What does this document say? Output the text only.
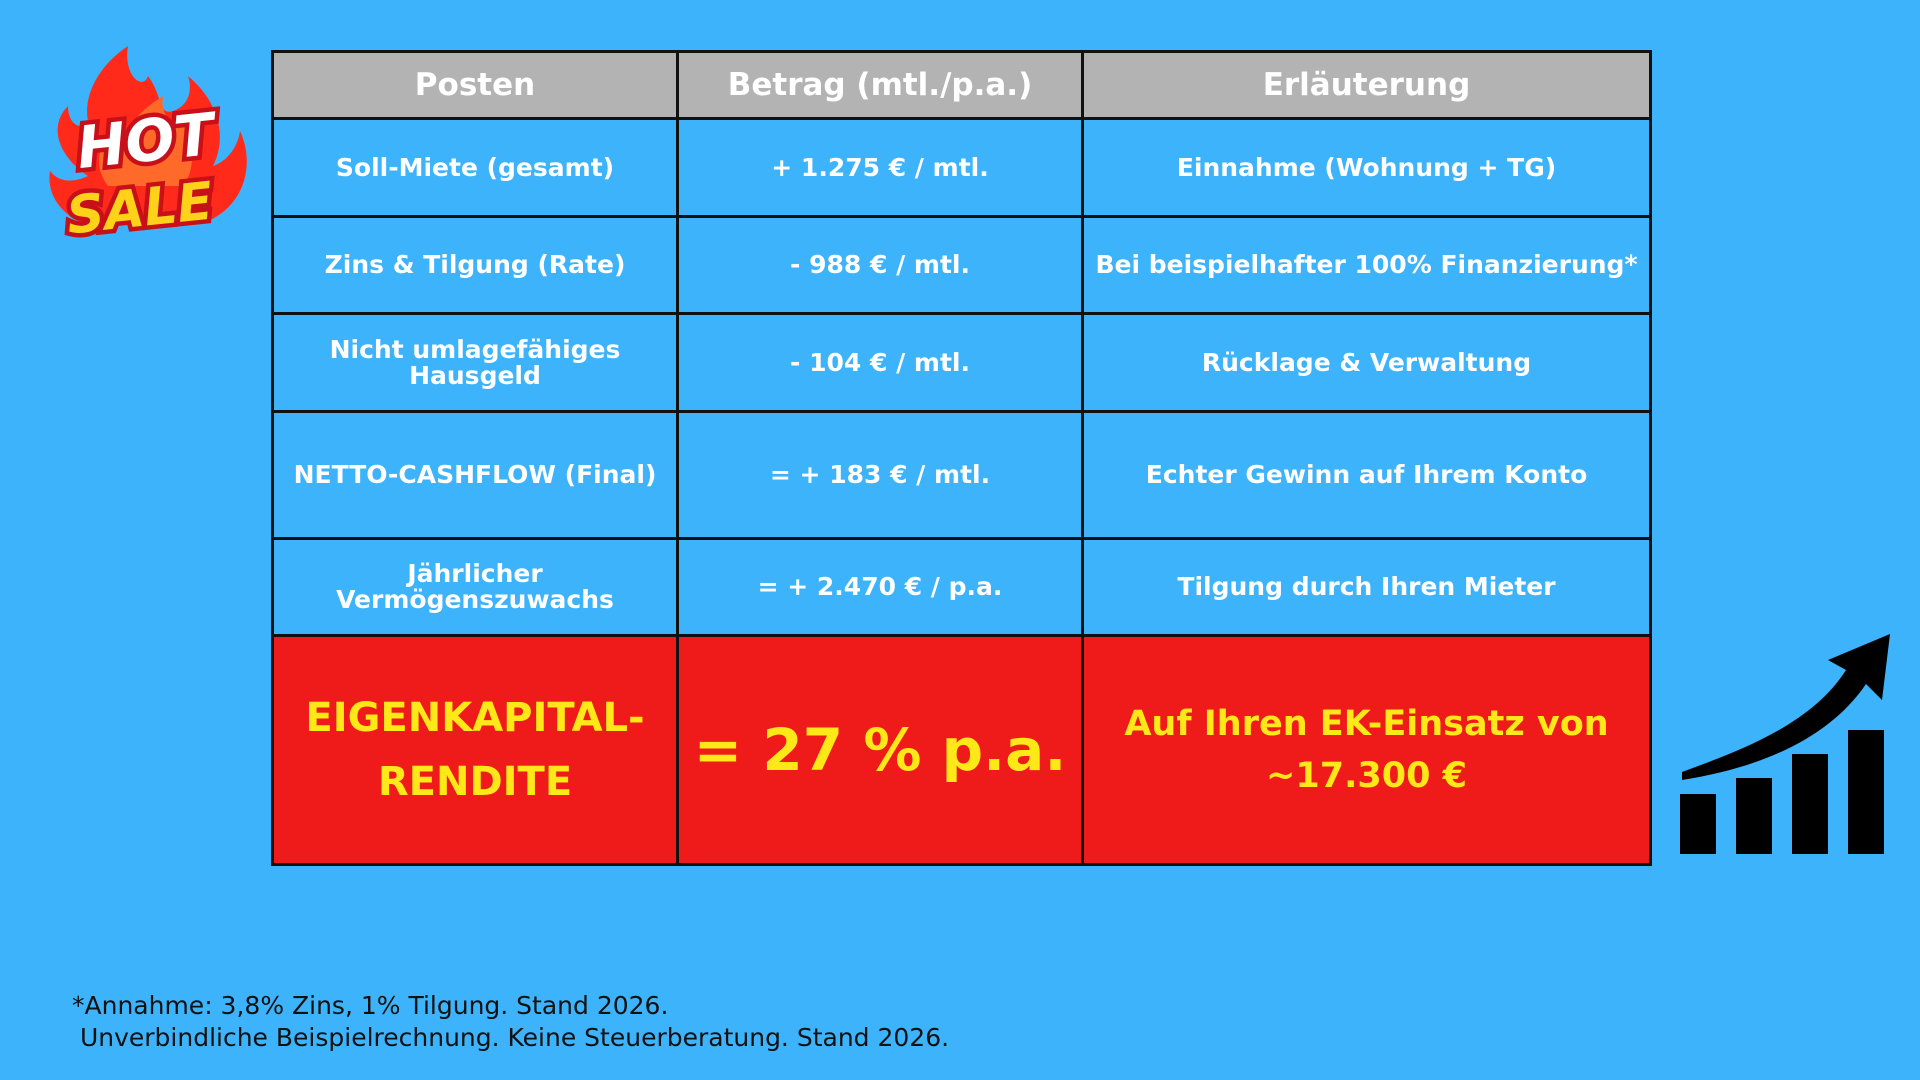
HOT
SALE
Posten	Betrag (mtl./p.a.)	Erläuterung
Soll-Miete (gesamt)	+ 1.275 € / mtl.	Einnahme (Wohnung + TG)
Zins & Tilgung (Rate)	- 988 € / mtl.	Bei beispielhafter 100% Finanzierung*
Nicht umlagefähiges Hausgeld	- 104 € / mtl.	Rücklage & Verwaltung
NETTO-CASHFLOW (Final)	= + 183 € / mtl.	Echter Gewinn auf Ihrem Konto
Jährlicher Vermögenszuwachs	= + 2.470 € / p.a.	Tilgung durch Ihren Mieter
EIGENKAPITAL-RENDITE	= 27 % p.a.	Auf Ihren EK-Einsatz von ~17.300 €
*Annahme: 3,8% Zins, 1% Tilgung. Stand 2026.
Unverbindliche Beispielrechnung. Keine Steuerberatung. Stand 2026.
